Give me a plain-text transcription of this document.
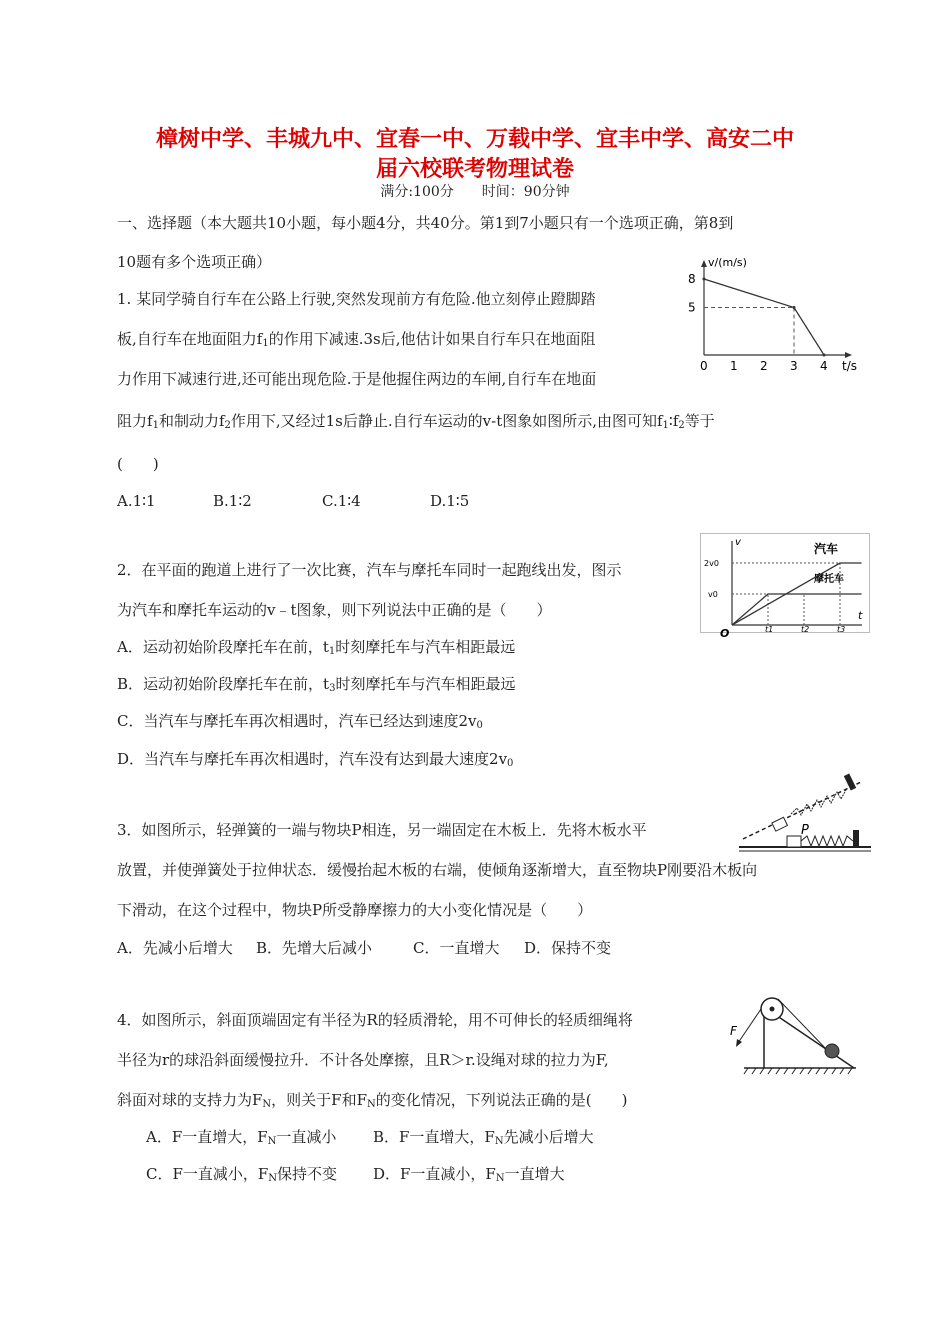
樟树中学、丰城九中、宜春一中、万载中学、宜丰中学、高安二中
届六校联考物理试卷
满分:100分　　时间：90分钟
一、选择题（本大题共10小题，每小题4分，共40分。第1到7小题只有一个选项正确，第8到
10题有多个选项正确）
1. 某同学骑自行车在公路上行驶,突然发现前方有危险.他立刻停止蹬脚踏
板,自行车在地面阻力$f_1$的作用下减速.3s后,他估计如果自行车只在地面阻
力作用下减速行进,还可能出现危险.于是他握住两边的车闸,自行车在地面
阻力$f_1$和制动力$f_2$作用下,又经过1s后静止.自行车运动的v-t图象如图所示,由图可知$f_1∶f_2$等于
(　　)
A.1∶1	B.1∶2	C.1∶4	D.1∶5
v/(m/s)
t/s
0 1 2 3 4
8
5
2．在平面的跑道上进行了一次比赛，汽车与摩托车同时一起跑线出发，图示
为汽车和摩托车运动的v﹣t图象，则下列说法中正确的是（　　）
A．运动初始阶段摩托车在前，$t_1$时刻摩托车与汽车相距最远
B．运动初始阶段摩托车在前，$t_3$时刻摩托车与汽车相距最远
C．当汽车与摩托车再次相遇时，汽车已经达到速度$2v_0$
D．当汽车与摩托车再次相遇时，汽车没有达到最大速度$2v_0$
v
t
汽车
摩托车
O	t1	t2	t3
2v0
v0
3．如图所示，轻弹簧的一端与物块P相连，另一端固定在木板上．先将木板水平
放置，并使弹簧处于拉伸状态．缓慢抬起木板的右端，使倾角逐渐增大，直至物块P刚要沿木板向
下滑动，在这个过程中，物块P所受静摩擦力的大小变化情况是（　　）
A．先减小后增大 B．先增大后减小	C．一直增大 D．保持不变
P
4．如图所示，斜面顶端固定有半径为R的轻质滑轮，用不可伸长的轻质细绳将
半径为r的球沿斜面缓慢拉升．不计各处摩擦，且R＞r.设绳对球的拉力为F,
斜面对球的支持力为$F_N$，则关于F和$F_N$的变化情况，下列说法正确的是(　　)
A．F一直增大，$F_N$一直减小 B．F一直增大，$F_N$先减小后增大
C．F一直减小，$F_N$保持不变 D．F一直减小，$F_N$一直增大
F
